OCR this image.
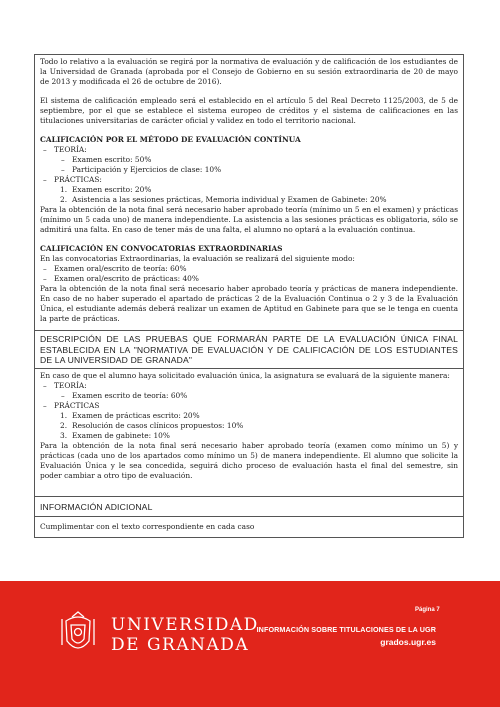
Todo lo relativo a la evaluación se regirá por la normativa de evaluación y de calificación de los estudiantes de la Universidad de Granada (aprobada por el Consejo de Gobierno en su sesión extraordinaria de 20 de mayo de 2013 y modificada el 26 de octubre de 2016).

El sistema de calificación empleado será el establecido en el artículo 5 del Real Decreto 1125/2003, de 5 de septiembre, por el que se establece el sistema europeo de créditos y el sistema de calificaciones en las titulaciones universitarias de carácter oficial y validez en todo el territorio nacional.

CALIFICACIÓN POR EL MÉTODO DE EVALUACIÓN CONTÍNUA

– TEORÍA:

– Examen escrito: 50%

– Participación y Ejercicios de clase: 10%

– PRÁCTICAS:

1. Examen escrito: 20%

2. Asistencia a las sesiones prácticas, Memoria individual y Examen de Gabinete: 20%

Para la obtención de la nota final será necesario haber aprobado teoría (mínimo un 5 en el examen) y prácticas (mínimo un 5 cada uno) de manera independiente. La asistencia a las sesiones prácticas es obligatoria, sólo se admitirá una falta. En caso de tener más de una falta, el alumno no optará a la evaluación continua.

CALIFICACIÓN EN CONVOCATORIAS EXTRAORDINARIAS

En las convocatorias Extraordinarias, la evaluación se realizará del siguiente modo:

– Examen oral/escrito de teoría: 60%

– Examen oral/escrito de prácticas: 40%

Para la obtención de la nota final será necesario haber aprobado teoría y prácticas de manera independiente. En caso de no haber superado el apartado de prácticas 2 de la Evaluación Continua o 2 y 3 de la Evaluación Única, el estudiante además deberá realizar un examen de Aptitud en Gabinete para que se le tenga en cuenta la parte de prácticas.

DESCRIPCIÓN DE LAS PRUEBAS QUE FORMARÁN PARTE DE LA EVALUACIÓN ÚNICA FINAL ESTABLECIDA EN LA "NORMATIVA DE EVALUACIÓN Y DE CALIFICACIÓN DE LOS ESTUDIANTES DE LA UNIVERSIDAD DE GRANADA"

En caso de que el alumno haya solicitado evaluación única, la asignatura se evaluará de la siguiente manera:

– TEORÍA:

– Examen escrito de teoría: 60%

– PRÁCTICAS

1. Examen de prácticas escrito: 20%

2. Resolución de casos clínicos propuestos: 10%

3. Examen de gabinete: 10%

Para la obtención de la nota final será necesario haber aprobado teoría (examen como mínimo un 5) y prácticas (cada uno de los apartados como mínimo un 5) de manera independiente. El alumno que solicite la Evaluación Única y le sea concedida, seguirá dicho proceso de evaluación hasta el final del semestre, sin poder cambiar a otro tipo de evaluación.

INFORMACIÓN ADICIONAL

Cumplimentar con el texto correspondiente en cada caso

UNIVERSIDAD
DE GRANADA
Página 7
INFORMACIÓN SOBRE TITULACIONES DE LA UGR
grados.ugr.es
